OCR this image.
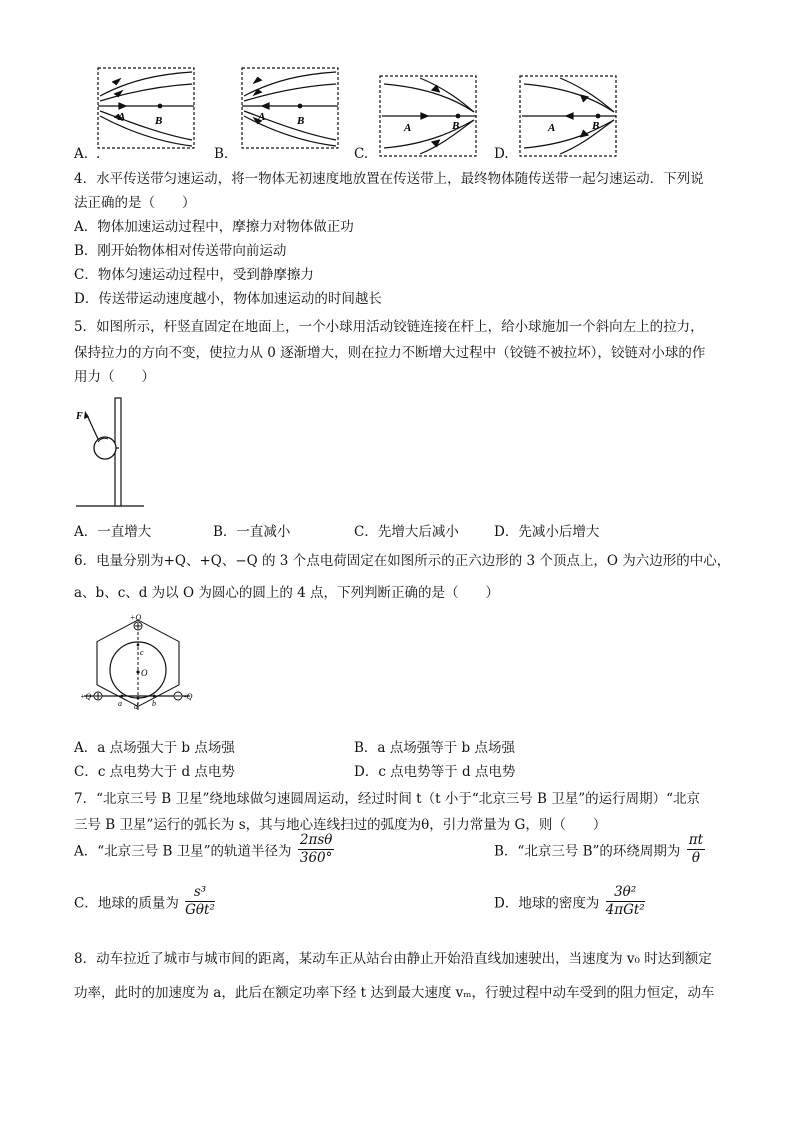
A	B	A	B
A	B	A	B
A. .	B.	C.	D.
4．水平传送带匀速运动，将一物体无初速度地放置在传送带上，最终物体随传送带一起匀速运动．下列说
法正确的是（　　）
A．物体加速运动过程中，摩擦力对物体做正功
B．刚开始物体相对传送带向前运动
C．物体匀速运动过程中，受到静摩擦力
D．传送带运动速度越小，物体加速运动的时间越长
5．如图所示，杆竖直固定在地面上，一个小球用活动铰链连接在杆上，给小球施加一个斜向左上的拉力，
保持拉力的方向不变，使拉力从 0 逐渐增大，则在拉力不断增大过程中（铰链不被拉坏），铰链对小球的作
用力（　　）
F
A．一直增大	B．一直减小	C．先增大后减小	D．先减小后增大
6．电量分别为+Q、+Q、−Q 的 3 个点电荷固定在如图所示的正六边形的 3 个顶点上，O 为六边形的中心，
a、b、c、d 为以 O 为圆心的圆上的 4 点，下列判断正确的是（　　）
+Q
+Q	-Q
O
a	b
c
d
A．a 点场强大于 b 点场强	B．a 点场强等于 b 点场强
C．c 点电势大于 d 点电势	D．c 点电势等于 d 点电势
7．“北京三号 B 卫星”绕地球做匀速圆周运动，经过时间 t（t 小于“北京三号 B 卫星”的运行周期）“北京
三号 B 卫星”运行的弧长为 s，其与地心连线扫过的弧度为θ，引力常量为 G，则（　　）
A．“北京三号 B 卫星”的轨道半径为 $\frac{\text{2πsθ}}{360^\circ}$	B．“北京三号 B”的环绕周期为 $\frac{\pi t}{\theta}$
C．地球的质量为 $\frac{\text{s³}}{\text{Gθt²}}$	D．地球的密度为 $\frac{\text{3θ²}}{\text{4πGt²}}$
8．动车拉近了城市与城市间的距离，某动车正从站台由静止开始沿直线加速驶出，当速度为 v₀ 时达到额定
功率，此时的加速度为 a，此后在额定功率下经 t 达到最大速度 vₘ，行驶过程中动车受到的阻力恒定，动车
